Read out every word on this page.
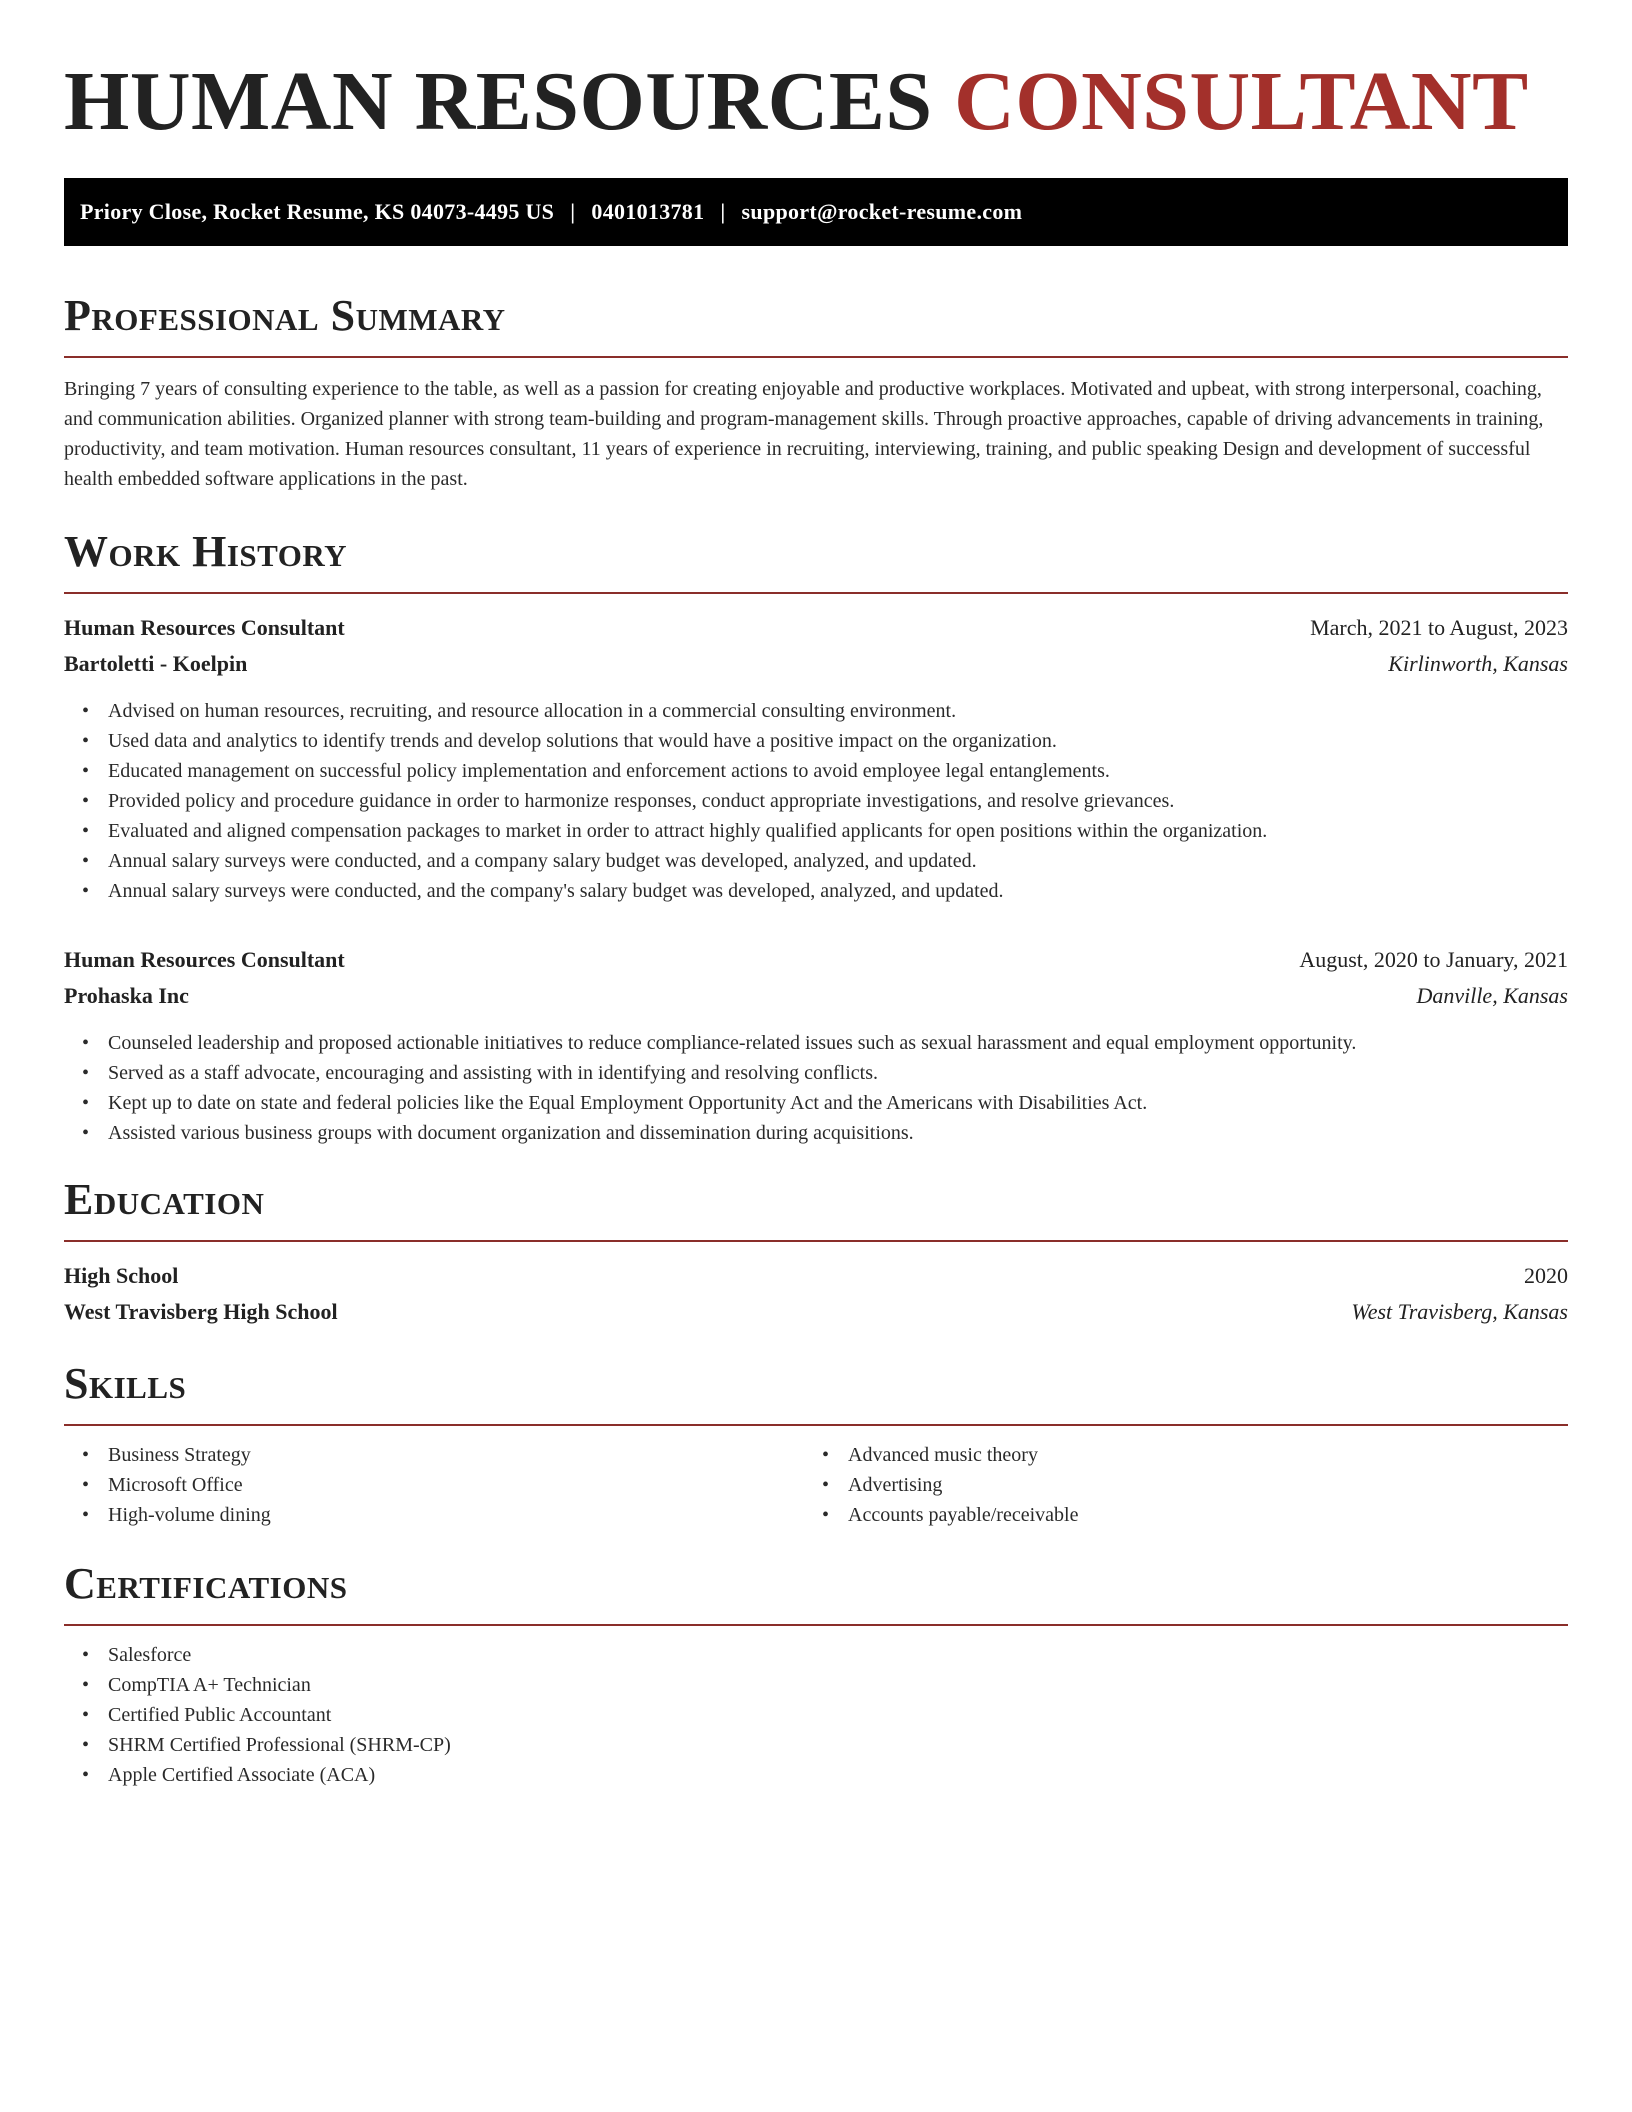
HUMAN RESOURCES CONSULTANT
Priory Close, Rocket Resume, KS 04073-4495 US | 0401013781 | support@rocket-resume.com
Professional Summary

Bringing 7 years of consulting experience to the table, as well as a passion for creating enjoyable and productive workplaces. Motivated and upbeat, with strong interpersonal, coaching, and communication abilities. Organized planner with strong team-building and program-management skills. Through proactive approaches, capable of driving advancements in training, productivity, and team motivation. Human resources consultant, 11 years of experience in recruiting, interviewing, training, and public speaking Design and development of successful health embedded software applications in the past.

Work History
Human Resources Consultant	March, 2021 to August, 2023
Bartoletti - Koelpin	Kirlinworth, Kansas
• Advised on human resources, recruiting, and resource allocation in a commercial consulting environment.
• Used data and analytics to identify trends and develop solutions that would have a positive impact on the organization.
• Educated management on successful policy implementation and enforcement actions to avoid employee legal entanglements.
• Provided policy and procedure guidance in order to harmonize responses, conduct appropriate investigations, and resolve grievances.
• Evaluated and aligned compensation packages to market in order to attract highly qualified applicants for open positions within the organization.
• Annual salary surveys were conducted, and a company salary budget was developed, analyzed, and updated.
• Annual salary surveys were conducted, and the company's salary budget was developed, analyzed, and updated.
Human Resources Consultant	August, 2020 to January, 2021
Prohaska Inc	Danville, Kansas
• Counseled leadership and proposed actionable initiatives to reduce compliance-related issues such as sexual harassment and equal employment opportunity.
• Served as a staff advocate, encouraging and assisting with in identifying and resolving conflicts.
• Kept up to date on state and federal policies like the Equal Employment Opportunity Act and the Americans with Disabilities Act.
• Assisted various business groups with document organization and dissemination during acquisitions.
Education
High School	2020
West Travisberg High School	West Travisberg, Kansas
Skills
• Business Strategy
• Microsoft Office
• High-volume dining
• Advanced music theory
• Advertising
• Accounts payable/receivable
Certifications
• Salesforce
• CompTIA A+ Technician
• Certified Public Accountant
• SHRM Certified Professional (SHRM-CP)
• Apple Certified Associate (ACA)
